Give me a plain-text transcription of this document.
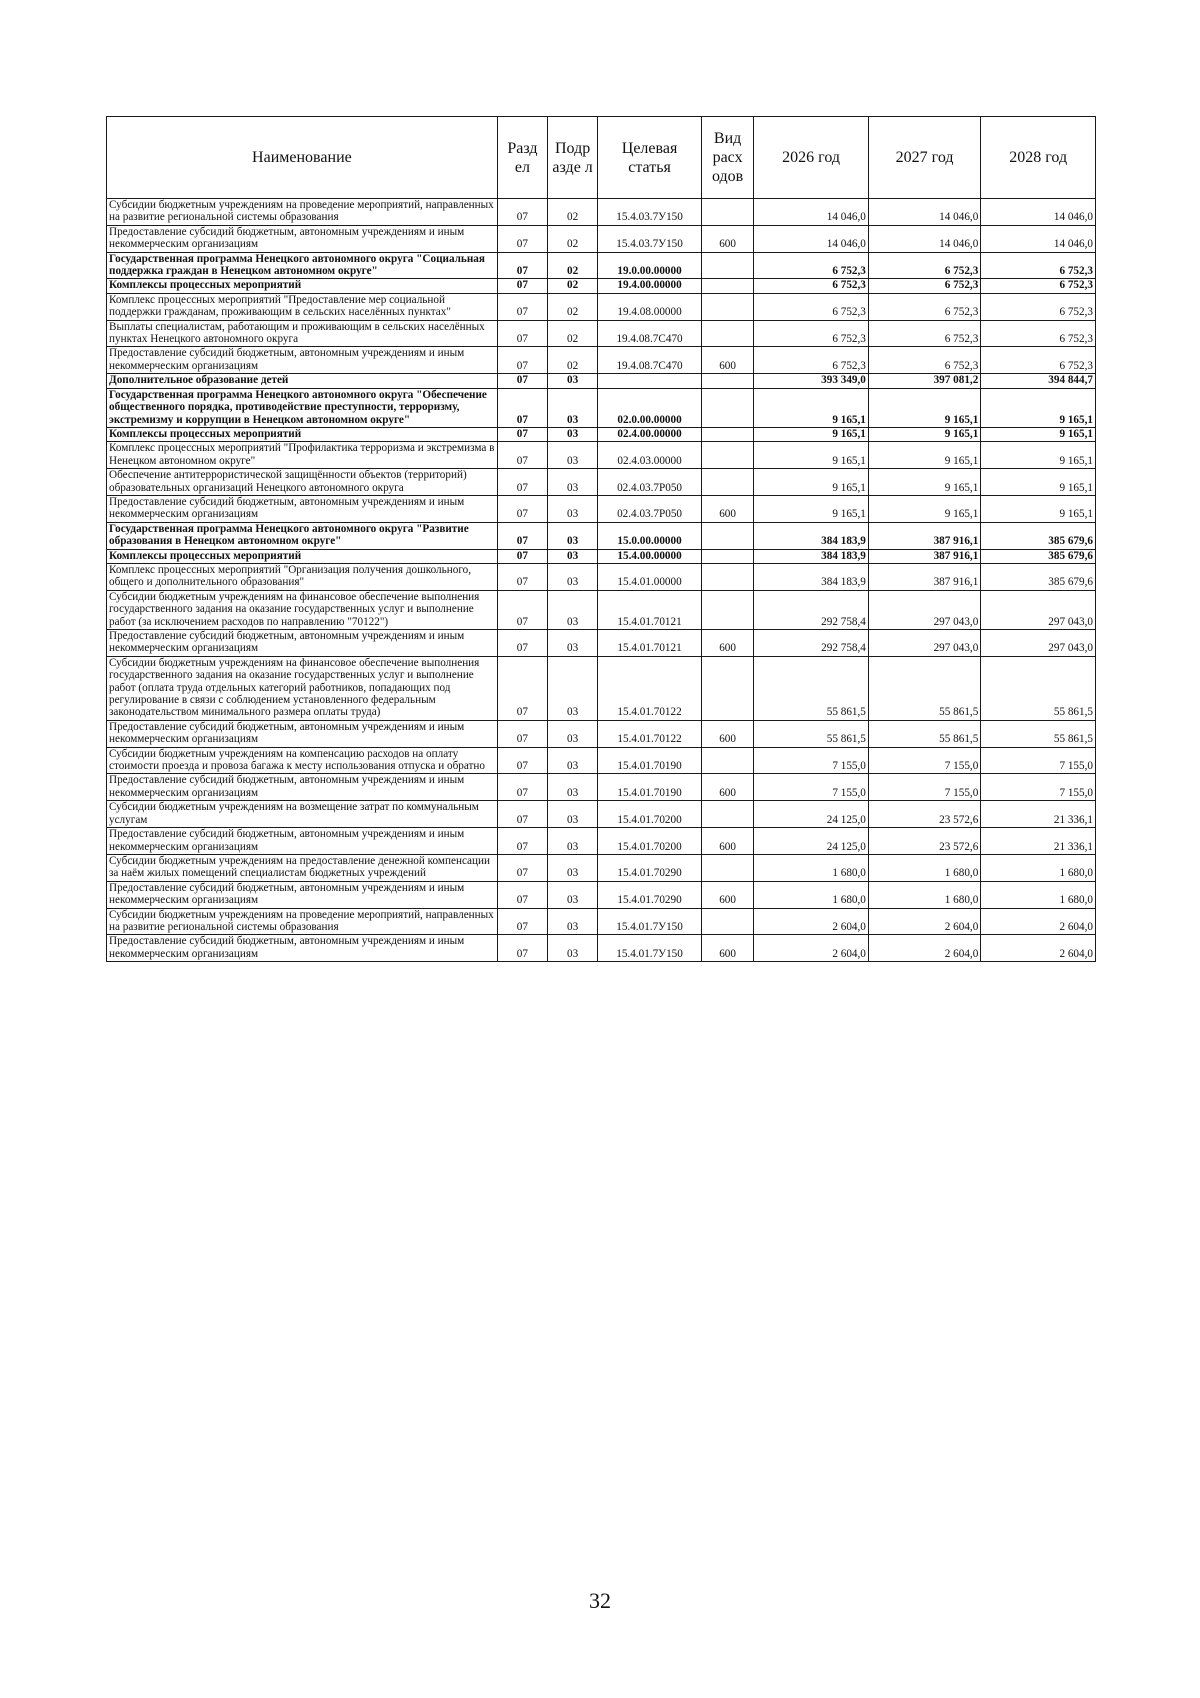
Наименование	Разд ел	Подр азде л	Целевая статья	Вид расх одов	2026 год	2027 год	2028 год
Субсидии бюджетным учреждениям на проведение мероприятий, направленных на развитие региональной системы образования	07	02	15.4.03.7У150		14 046,0	14 046,0	14 046,0
Предоставление субсидий бюджетным, автономным учреждениям и иным некоммерческим организациям	07	02	15.4.03.7У150	600	14 046,0	14 046,0	14 046,0
Государственная программа Ненецкого автономного округа "Социальная поддержка граждан в Ненецком автономном округе"	07	02	19.0.00.00000		6 752,3	6 752,3	6 752,3
Комплексы процессных мероприятий	07	02	19.4.00.00000		6 752,3	6 752,3	6 752,3
Комплекс процессных мероприятий "Предоставление мер социальной поддержки гражданам, проживающим в сельских населённых пунктах"	07	02	19.4.08.00000		6 752,3	6 752,3	6 752,3
Выплаты специалистам, работающим и проживающим в сельских населённых пунктах Ненецкого автономного округа	07	02	19.4.08.7С470		6 752,3	6 752,3	6 752,3
Предоставление субсидий бюджетным, автономным учреждениям и иным некоммерческим организациям	07	02	19.4.08.7С470	600	6 752,3	6 752,3	6 752,3
Дополнительное образование детей	07	03			393 349,0	397 081,2	394 844,7
Государственная программа Ненецкого автономного округа "Обеспечение общественного порядка, противодействие преступности, терроризму, экстремизму и коррупции в Ненецком автономном округе"	07	03	02.0.00.00000		9 165,1	9 165,1	9 165,1
Комплексы процессных мероприятий	07	03	02.4.00.00000		9 165,1	9 165,1	9 165,1
Комплекс процессных мероприятий "Профилактика терроризма и экстремизма в Ненецком автономном округе"	07	03	02.4.03.00000		9 165,1	9 165,1	9 165,1
Обеспечение антитеррористической защищённости объектов (территорий) образовательных организаций Ненецкого автономного округа	07	03	02.4.03.7Р050		9 165,1	9 165,1	9 165,1
Предоставление субсидий бюджетным, автономным учреждениям и иным некоммерческим организациям	07	03	02.4.03.7Р050	600	9 165,1	9 165,1	9 165,1
Государственная программа Ненецкого автономного округа "Развитие образования в Ненецком автономном округе"	07	03	15.0.00.00000		384 183,9	387 916,1	385 679,6
Комплексы процессных мероприятий	07	03	15.4.00.00000		384 183,9	387 916,1	385 679,6
Комплекс процессных мероприятий "Организация получения дошкольного, общего и дополнительного образования"	07	03	15.4.01.00000		384 183,9	387 916,1	385 679,6
Субсидии бюджетным учреждениям на финансовое обеспечение выполнения государственного задания на оказание государственных услуг и выполнение работ (за исключением расходов по направлению "70122")	07	03	15.4.01.70121		292 758,4	297 043,0	297 043,0
Предоставление субсидий бюджетным, автономным учреждениям и иным некоммерческим организациям	07	03	15.4.01.70121	600	292 758,4	297 043,0	297 043,0
Субсидии бюджетным учреждениям на финансовое обеспечение выполнения государственного задания на оказание государственных услуг и выполнение работ (оплата труда отдельных категорий работников, попадающих под регулирование в связи с соблюдением установленного федеральным законодательством минимального размера оплаты труда)	07	03	15.4.01.70122		55 861,5	55 861,5	55 861,5
Предоставление субсидий бюджетным, автономным учреждениям и иным некоммерческим организациям	07	03	15.4.01.70122	600	55 861,5	55 861,5	55 861,5
Субсидии бюджетным учреждениям на компенсацию расходов на оплату стоимости проезда и провоза багажа к месту использования отпуска и обратно	07	03	15.4.01.70190		7 155,0	7 155,0	7 155,0
Предоставление субсидий бюджетным, автономным учреждениям и иным некоммерческим организациям	07	03	15.4.01.70190	600	7 155,0	7 155,0	7 155,0
Субсидии бюджетным учреждениям на возмещение затрат по коммунальным услугам	07	03	15.4.01.70200		24 125,0	23 572,6	21 336,1
Предоставление субсидий бюджетным, автономным учреждениям и иным некоммерческим организациям	07	03	15.4.01.70200	600	24 125,0	23 572,6	21 336,1
Субсидии бюджетным учреждениям на предоставление денежной компенсации за наём жилых помещений специалистам бюджетных учреждений	07	03	15.4.01.70290		1 680,0	1 680,0	1 680,0
Предоставление субсидий бюджетным, автономным учреждениям и иным некоммерческим организациям	07	03	15.4.01.70290	600	1 680,0	1 680,0	1 680,0
Субсидии бюджетным учреждениям на проведение мероприятий, направленных на развитие региональной системы образования	07	03	15.4.01.7У150		2 604,0	2 604,0	2 604,0
Предоставление субсидий бюджетным, автономным учреждениям и иным некоммерческим организациям	07	03	15.4.01.7У150	600	2 604,0	2 604,0	2 604,0
32
